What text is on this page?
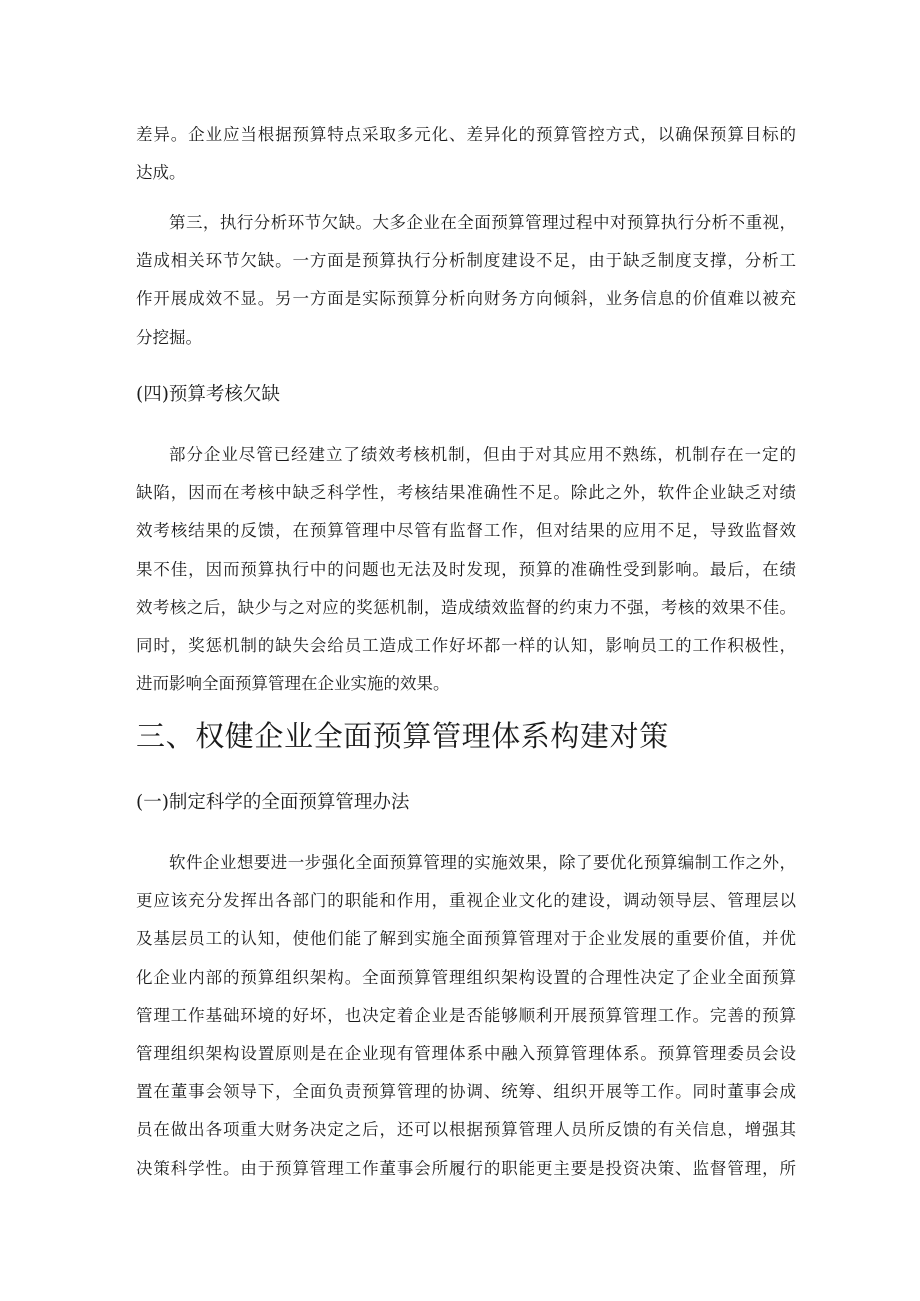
差异。企业应当根据预算特点采取多元化、差异化的预算管控方式，以确保预算目标的
达成。
第三，执行分析环节欠缺。大多企业在全面预算管理过程中对预算执行分析不重视，
造成相关环节欠缺。一方面是预算执行分析制度建设不足，由于缺乏制度支撑，分析工
作开展成效不显。另一方面是实际预算分析向财务方向倾斜，业务信息的价值难以被充
分挖掘。
(四)预算考核欠缺
部分企业尽管已经建立了绩效考核机制，但由于对其应用不熟练，机制存在一定的
缺陷，因而在考核中缺乏科学性，考核结果准确性不足。除此之外，软件企业缺乏对绩
效考核结果的反馈，在预算管理中尽管有监督工作，但对结果的应用不足，导致监督效
果不佳，因而预算执行中的问题也无法及时发现，预算的准确性受到影响。最后，在绩
效考核之后，缺少与之对应的奖惩机制，造成绩效监督的约束力不强，考核的效果不佳。
同时，奖惩机制的缺失会给员工造成工作好坏都一样的认知，影响员工的工作积极性，
进而影响全面预算管理在企业实施的效果。
三、权健企业全面预算管理体系构建对策
(一)制定科学的全面预算管理办法
软件企业想要进一步强化全面预算管理的实施效果，除了要优化预算编制工作之外，
更应该充分发挥出各部门的职能和作用，重视企业文化的建设，调动领导层、管理层以
及基层员工的认知，使他们能了解到实施全面预算管理对于企业发展的重要价值，并优
化企业内部的预算组织架构。全面预算管理组织架构设置的合理性决定了企业全面预算
管理工作基础环境的好坏，也决定着企业是否能够顺利开展预算管理工作。完善的预算
管理组织架构设置原则是在企业现有管理体系中融入预算管理体系。预算管理委员会设
置在董事会领导下，全面负责预算管理的协调、统筹、组织开展等工作。同时董事会成
员在做出各项重大财务决定之后，还可以根据预算管理人员所反馈的有关信息，增强其
决策科学性。由于预算管理工作董事会所履行的职能更主要是投资决策、监督管理，所
